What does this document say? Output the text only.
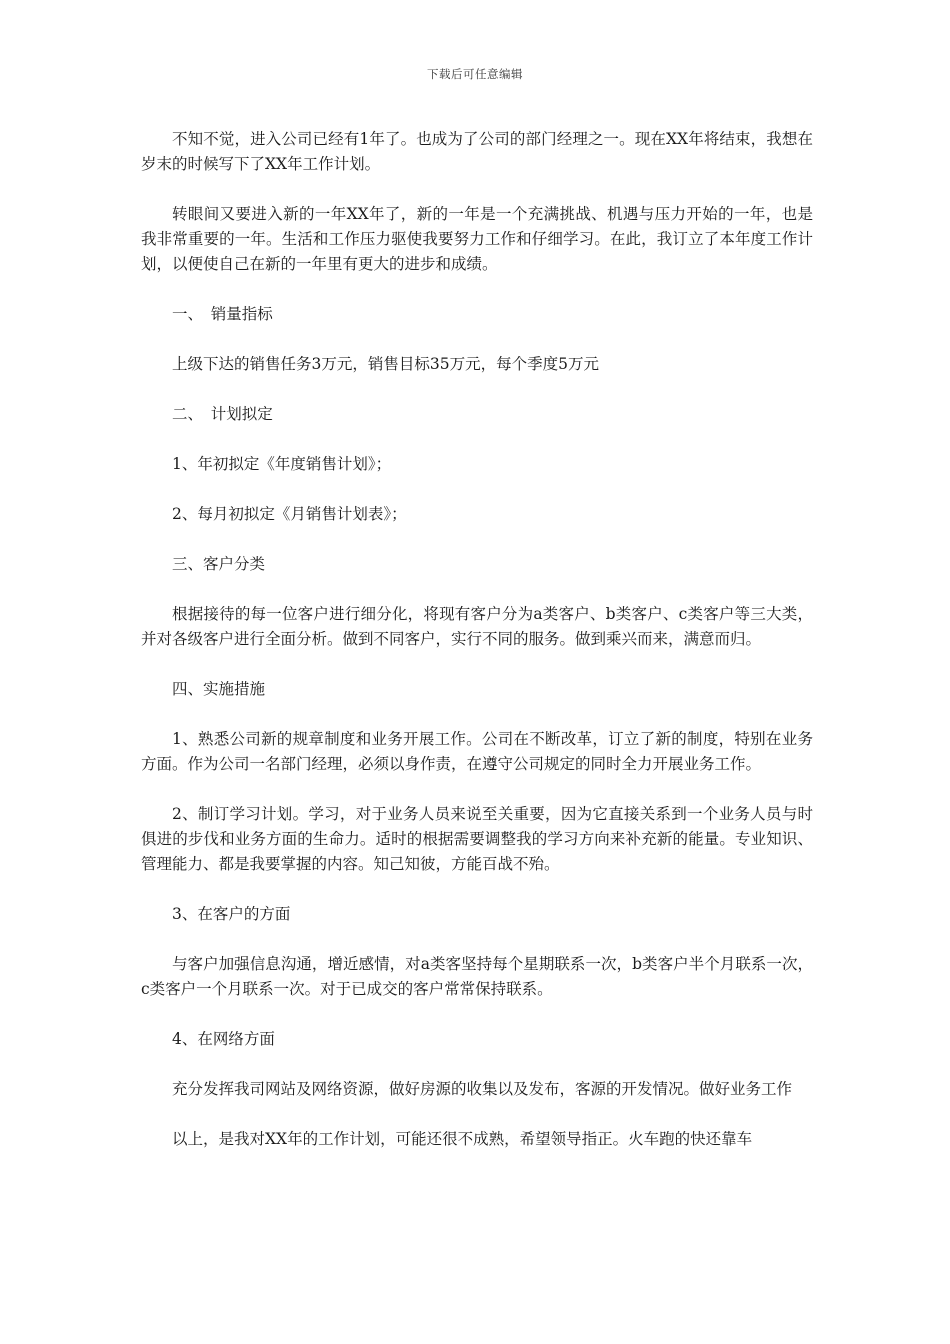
下载后可任意编辑

不知不觉，进入公司已经有1年了。也成为了公司的部门经理之一。现在XX年将结束，我想在岁末的时候写下了XX年工作计划。

转眼间又要进入新的一年XX年了，新的一年是一个充满挑战、机遇与压力开始的一年，也是我非常重要的一年。生活和工作压力驱使我要努力工作和仔细学习。在此，我订立了本年度工作计划，以便使自己在新的一年里有更大的进步和成绩。

一、　销量指标

上级下达的销售任务3万元，销售目标35万元，每个季度5万元

二、　计划拟定

1、年初拟定《年度销售计划》；

2、每月初拟定《月销售计划表》；

三、客户分类

根据接待的每一位客户进行细分化，将现有客户分为a类客户、b类客户、c类客户等三大类，并对各级客户进行全面分析。做到不同客户，实行不同的服务。做到乘兴而来，满意而归。

四、实施措施

1、熟悉公司新的规章制度和业务开展工作。公司在不断改革，订立了新的制度，特别在业务方面。作为公司一名部门经理，必须以身作责，在遵守公司规定的同时全力开展业务工作。

2、制订学习计划。学习，对于业务人员来说至关重要，因为它直接关系到一个业务人员与时俱进的步伐和业务方面的生命力。适时的根据需要调整我的学习方向来补充新的能量。专业知识、管理能力、都是我要掌握的内容。知己知彼，方能百战不殆。

3、在客户的方面

与客户加强信息沟通，增近感情，对a类客坚持每个星期联系一次，b类客户半个月联系一次，c类客户一个月联系一次。对于已成交的客户常常保持联系。

4、在网络方面

充分发挥我司网站及网络资源，做好房源的收集以及发布，客源的开发情况。做好业务工作

以上，是我对XX年的工作计划，可能还很不成熟，希望领导指正。火车跑的快还靠车
